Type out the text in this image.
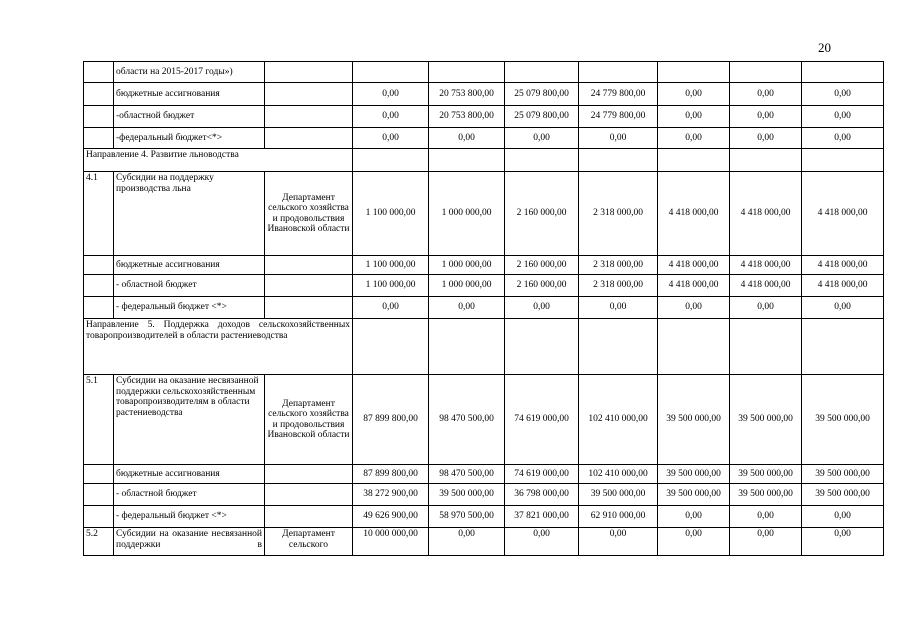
20
	области на 2015-2017 годы»)								
	бюджетные ассигнования		0,00	20 753 800,00	25 079 800,00	24 779 800,00	0,00	0,00	0,00
	-областной бюджет		0,00	20 753 800,00	25 079 800,00	24 779 800,00	0,00	0,00	0,00
	-федеральный бюджет<*>		0,00	0,00	0,00	0,00	0,00	0,00	0,00
Направление 4. Развитие льноводства									
4.1	Субсидии на поддержку производства льна	Департамент сельского хозяйства и продовольствия Ивановской области	1 100 000,00	1 000 000,00	2 160 000,00	2 318 000,00	4 418 000,00	4 418 000,00	4 418 000,00
	бюджетные ассигнования		1 100 000,00	1 000 000,00	2 160 000,00	2 318 000,00	4 418 000,00	4 418 000,00	4 418 000,00
	- областной бюджет		1 100 000,00	1 000 000,00	2 160 000,00	2 318 000,00	4 418 000,00	4 418 000,00	4 418 000,00
	- федеральный бюджет <*>		0,00	0,00	0,00	0,00	0,00	0,00	0,00
Направление 5. Поддержка доходов сельскохозяйственных товаропроизводителей в области растениеводства									
5.1	Субсидии на оказание несвязанной поддержки сельскохозяйственным товаропроизводителям в области растениеводства	Департамент сельского хозяйства и продовольствия Ивановской области	87 899 800,00	98 470 500,00	74 619 000,00	102 410 000,00	39 500 000,00	39 500 000,00	39 500 000,00
	бюджетные ассигнования		87 899 800,00	98 470 500,00	74 619 000,00	102 410 000,00	39 500 000,00	39 500 000,00	39 500 000,00
	- областной бюджет		38 272 900,00	39 500 000,00	36 798 000,00	39 500 000,00	39 500 000,00	39 500 000,00	39 500 000,00
	- федеральный бюджет <*>		49 626 900,00	58 970 500,00	37 821 000,00	62 910 000,00	0,00	0,00	0,00
5.2	Субсидии на оказание несвязанной поддержки в	Департамент сельского	10 000 000,00	0,00	0,00	0,00	0,00	0,00	0,00
